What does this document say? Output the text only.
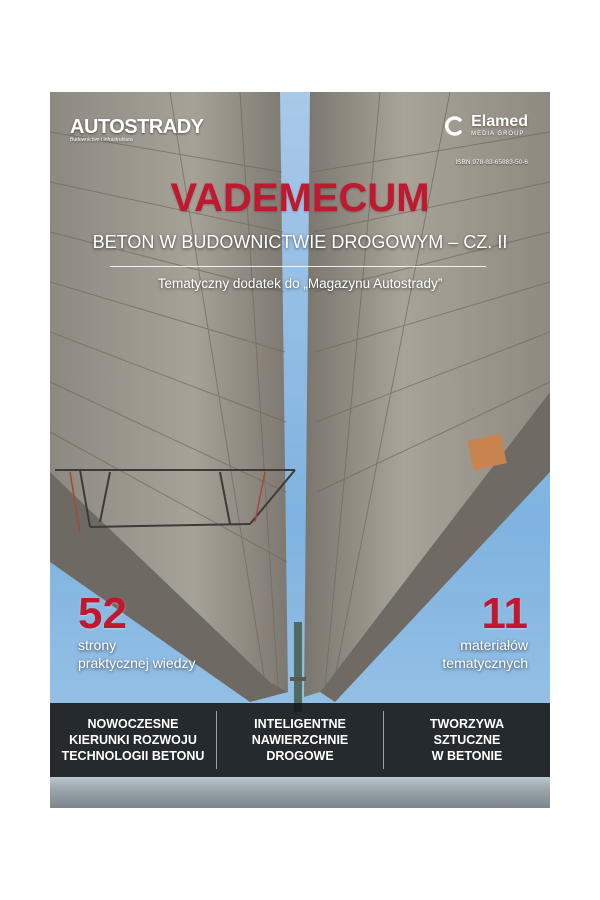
AUTOSTRADY
Budownictwo i Infrastruktura
Elamed
MEDIA GROUP
ISBN 978-83-65883-50-6
VADEMECUM
BETON W BUDOWNICTWIE DROGOWYM – CZ. II
Tematyczny dodatek do „Magazynu Autostrady”
52
strony
praktycznej wiedzy
11
materiałów
tematycznych
NOWOCZESNE
KIERUNKI ROZWOJU
TECHNOLOGII BETONU
INTELIGENTNE
NAWIERZCHNIE
DROGOWE
TWORZYWA
SZTUCZNE
W BETONIE
